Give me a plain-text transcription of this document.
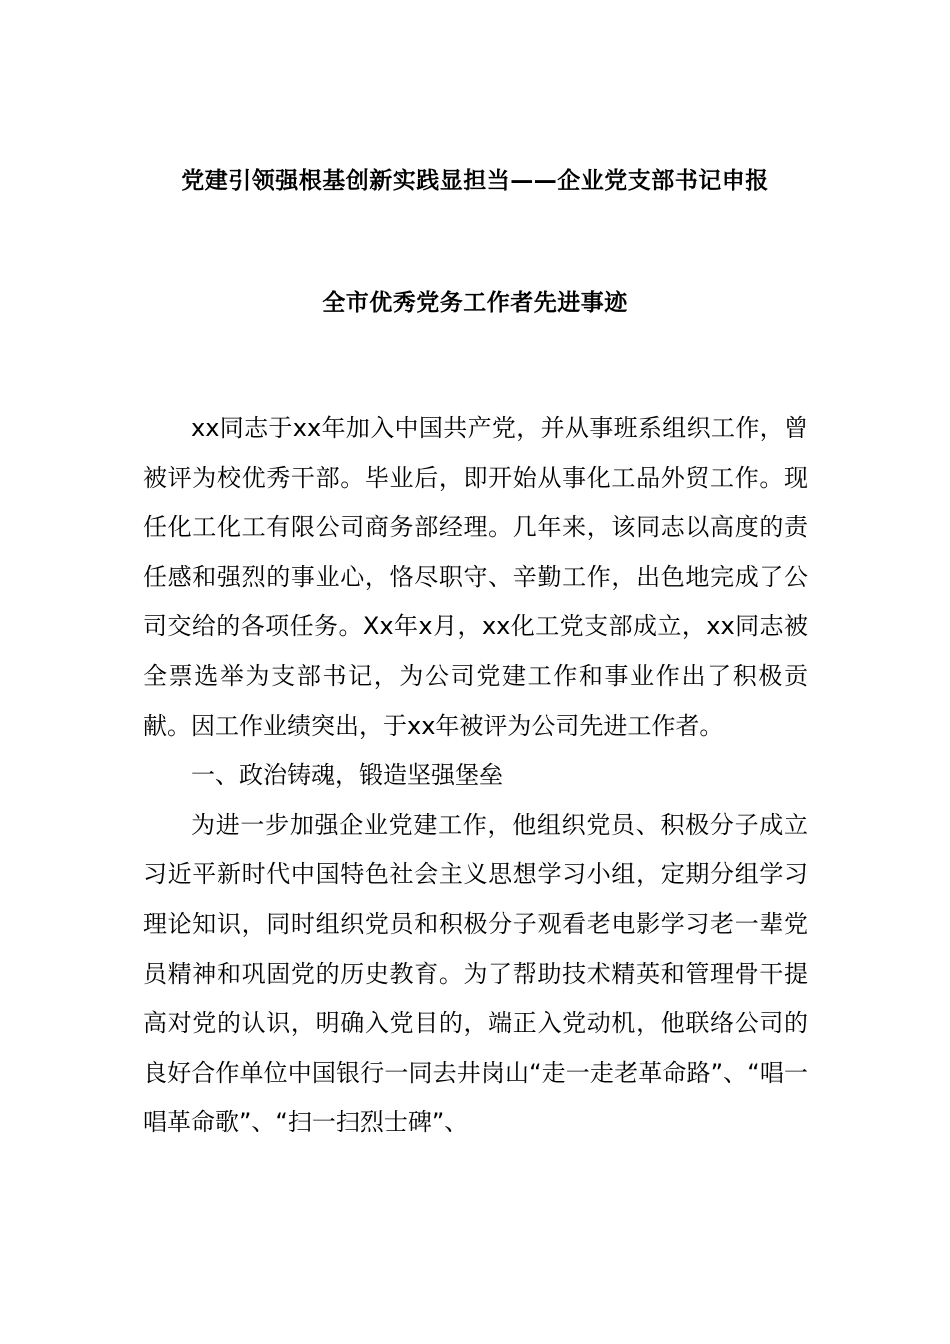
党建引领强根基创新实践显担当——企业党支部书记申报
全市优秀党务工作者先进事迹

xx同志于xx年加入中国共产党，并从事班系组织工作，曾被评为校优秀干部。毕业后，即开始从事化工品外贸工作。现任化工化工有限公司商务部经理。几年来，该同志以高度的责任感和强烈的事业心，恪尽职守、辛勤工作，出色地完成了公司交给的各项任务。Xx年x月，xx化工党支部成立，xx同志被全票选举为支部书记，为公司党建工作和事业作出了积极贡献。因工作业绩突出，于xx年被评为公司先进工作者。

一、政治铸魂，锻造坚强堡垒

为进一步加强企业党建工作，他组织党员、积极分子成立习近平新时代中国特色社会主义思想学习小组，定期分组学习理论知识，同时组织党员和积极分子观看老电影学习老一辈党员精神和巩固党的历史教育。为了帮助技术精英和管理骨干提高对党的认识，明确入党目的，端正入党动机，他联络公司的良好合作单位中国银行一同去井岗山“走一走老革命路”、“唱一唱革命歌”、“扫一扫烈士碑”、
